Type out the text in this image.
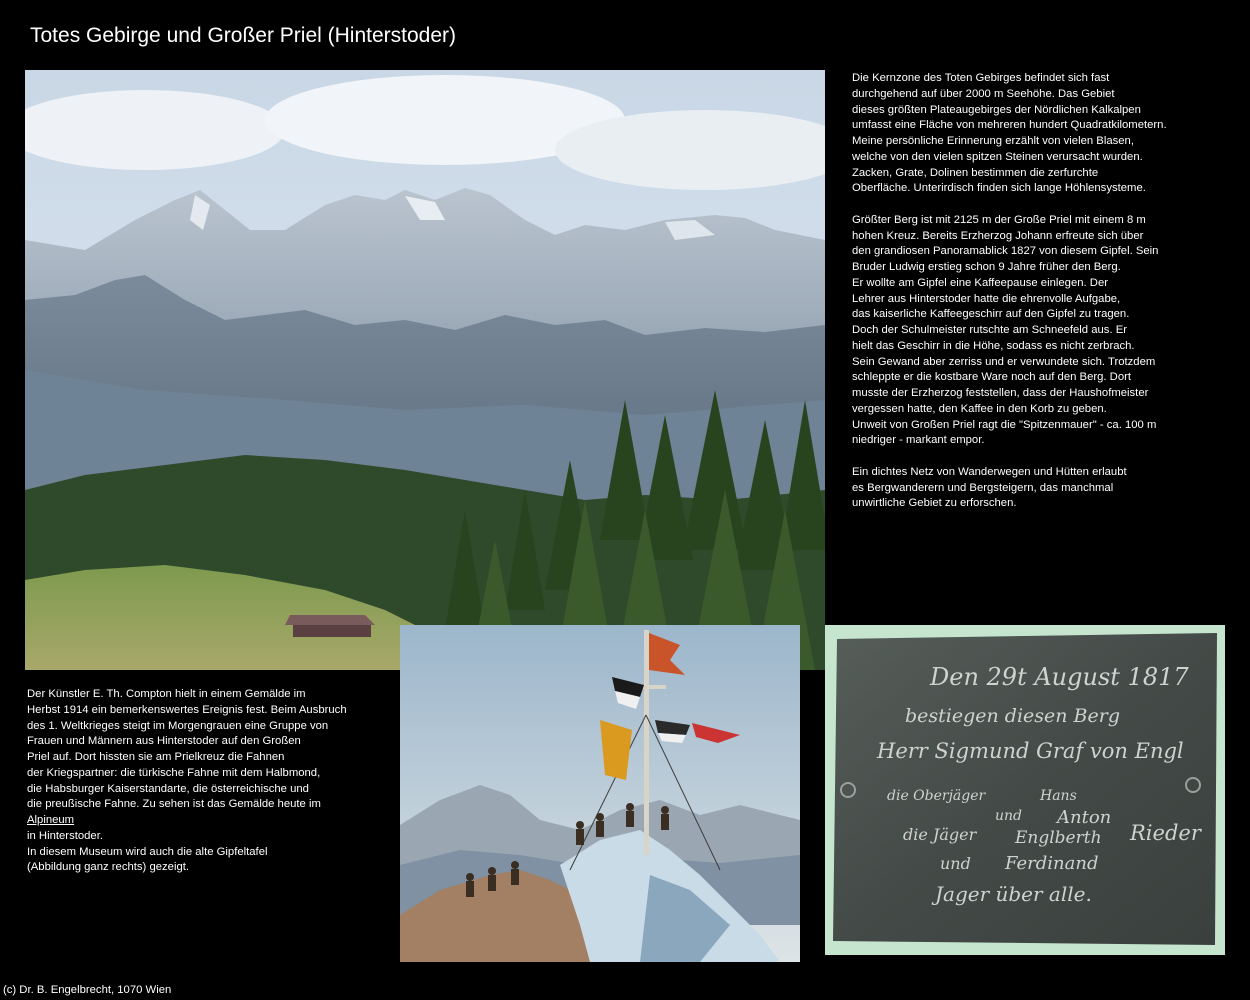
Totes Gebirge und Großer Priel (Hinterstoder)
Den 29t August 1817
bestiegen diesen Berg
Herr Sigmund Graf von Engl
die Oberjäger	Hans
und Anton
die Jäger Englberth Rieder
und Ferdinand
Jager über alle.

Die Kernzone des Toten Gebirges befindet sich fast
durchgehend auf über 2000 m Seehöhe. Das Gebiet
dieses größten Plateaugebirges der Nördlichen Kalkalpen
umfasst eine Fläche von mehreren hundert Quadratkilometern.
Meine persönliche Erinnerung erzählt von vielen Blasen,
welche von den vielen spitzen Steinen verursacht wurden.
Zacken, Grate, Dolinen bestimmen die zerfurchte
Oberfläche. Unterirdisch finden sich lange Höhlensysteme.

Größter Berg ist mit 2125 m der Große Priel mit einem 8 m
hohen Kreuz. Bereits Erzherzog Johann erfreute sich über
den grandiosen Panoramablick 1827 von diesem Gipfel. Sein
Bruder Ludwig erstieg schon 9 Jahre früher den Berg.
Er wollte am Gipfel eine Kaffeepause einlegen. Der
Lehrer aus Hinterstoder hatte die ehrenvolle Aufgabe,
das kaiserliche Kaffeegeschirr auf den Gipfel zu tragen.
Doch der Schulmeister rutschte am Schneefeld aus. Er
hielt das Geschirr in die Höhe, sodass es nicht zerbrach.
Sein Gewand aber zerriss und er verwundete sich. Trotzdem
schleppte er die kostbare Ware noch auf den Berg. Dort
musste der Erzherzog feststellen, dass der Haushofmeister
vergessen hatte, den Kaffee in den Korb zu geben.
Unweit von Großen Priel ragt die "Spitzenmauer" - ca. 100 m
niedriger - markant empor.

Ein dichtes Netz von Wanderwegen und Hütten erlaubt
es Bergwanderern und Bergsteigern, das manchmal
unwirtliche Gebiet zu erforschen.

Der Künstler E. Th. Compton hielt in einem Gemälde im
Herbst 1914 ein bemerkenswertes Ereignis fest. Beim Ausbruch
des 1. Weltkrieges steigt im Morgengrauen eine Gruppe von
Frauen und Männern aus Hinterstoder auf den Großen
Priel auf. Dort hissten sie am Prielkreuz die Fahnen
der Kriegspartner: die türkische Fahne mit dem Halbmond,
die Habsburger Kaiserstandarte, die österreichische und
die preußische Fahne. Zu sehen ist das Gemälde heute im

Alpineum

in Hinterstoder.
In diesem Museum wird auch die alte Gipfeltafel
(Abbildung ganz rechts) gezeigt.

(c) Dr. B. Engelbrecht, 1070 Wien
